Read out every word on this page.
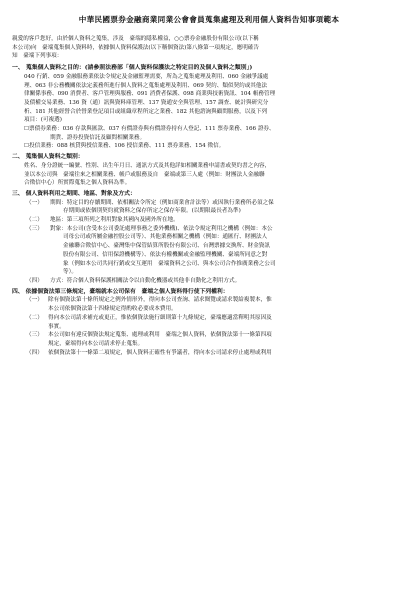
中華民國票券金融商業同業公會會員蒐集處理及利用個人資料告知事項範本

親愛的客戶您好，由於個人資料之蒐集，涉及　臺端的隱私權益，○○票券金融股份有限公司(以下稱

本公司)向　臺端蒐集個人資料時，依據個人資料保護法(以下稱個資法)第八條第一項規定，應明確告

知　臺端下列事項：

一、 蒐集個人資料之目的：(請參照法務部「個人資料保護法之特定目的及個人資料之類別」)

040 行銷、059 金融服務業依法令規定及金融監理需要，所為之蒐集處理及利用、060 金融爭議處

理、063 非公務機關依法定義務所進行個人資料之蒐集處理及利用、069 契約、類似契約或其他法

律關係事務、090 消費者、客戶管理與服務、091 消費者保護、098 商業與技術資訊、104 帳務管理

及債權交易業務、136 資（通）訊與資料庫管理、137 資通安全與管理、157 調查、統計與研究分

析、181 其他經營合於營業登記項目或組織章程所定之業務、182 其他諮詢與顧問服務，以及下列

項目：(可複選)

☐票債券業務：036 存款與匯款、037 有價證券與有價證券持有人登記、111 票券業務、166 證券、

期貨、證券投資信託及顧問相關業務。

☐投信業務：088 核貸與授信業務、106 授信業務、111 票券業務、154 徵信。

二、 蒐集個人資料之類別：

姓名、身分證統一編號、性別、出生年月日、通訊方式及其他詳如相關業務申請書或契約書之內容，

並以本公司與　臺端往來之相關業務、帳戶或服務及自　臺端或第三人處（例如：財團法人金融聯

合徵信中心）所實際蒐集之個人資料為準。

三、 個人資料利用之期間、地區、對象及方式：
（一）	期間：特定目的存續期間、依相關法令所定（例如商業會計法等）或因執行業務所必須之保
存期間或依個別契約就資料之保存所定之保存年限。(以期限最長者為準)
（二）	地區：第三項所列之利用對象其國內及國外所在地。
（三）	對象：本公司(含受本公司委託處理事務之委外機構)、依法令規定利用之機構（例如：本公
司母公司或所屬金融控股公司等）、其他業務相關之機構（例如：通匯行、財團法人
金融聯合徵信中心、臺灣集中保管結算所股份有限公司、台灣票據交換所、財金資訊
股份有限公司、信用保證機構等）、依法有權機關或金融監理機關、臺端所同意之對
象（例如本公司共同行銷或交互運用　臺端資料之公司、與本公司合作推廣業務之公司
等）。
（四）	方式：符合個人資料保護相關法令以自動化機器或其他非自動化之利用方式。
四、 依據個資法第三條規定，臺端就本公司保有　臺端之個人資料得行使下列權利：
（一） 除有個資法第十條所規定之例外情形外，得向本公司查詢、請求閱覽或請求製給複製本，惟
本公司依個資法第十四條規定得酌收必要成本費用。
（二） 得向本公司請求補充或更正，惟依個資法施行細則第十九條規定，臺端應適當釋明其原因及
事實。
（三） 本公司如有違反個資法規定蒐集、處理或利用　臺端之個人資料，依個資法第十一條第四項
規定，臺端得向本公司請求停止蒐集。
（四） 依個資法第十一條第二項規定，個人資料正確性有爭議者，得向本公司請求停止處理或利用
